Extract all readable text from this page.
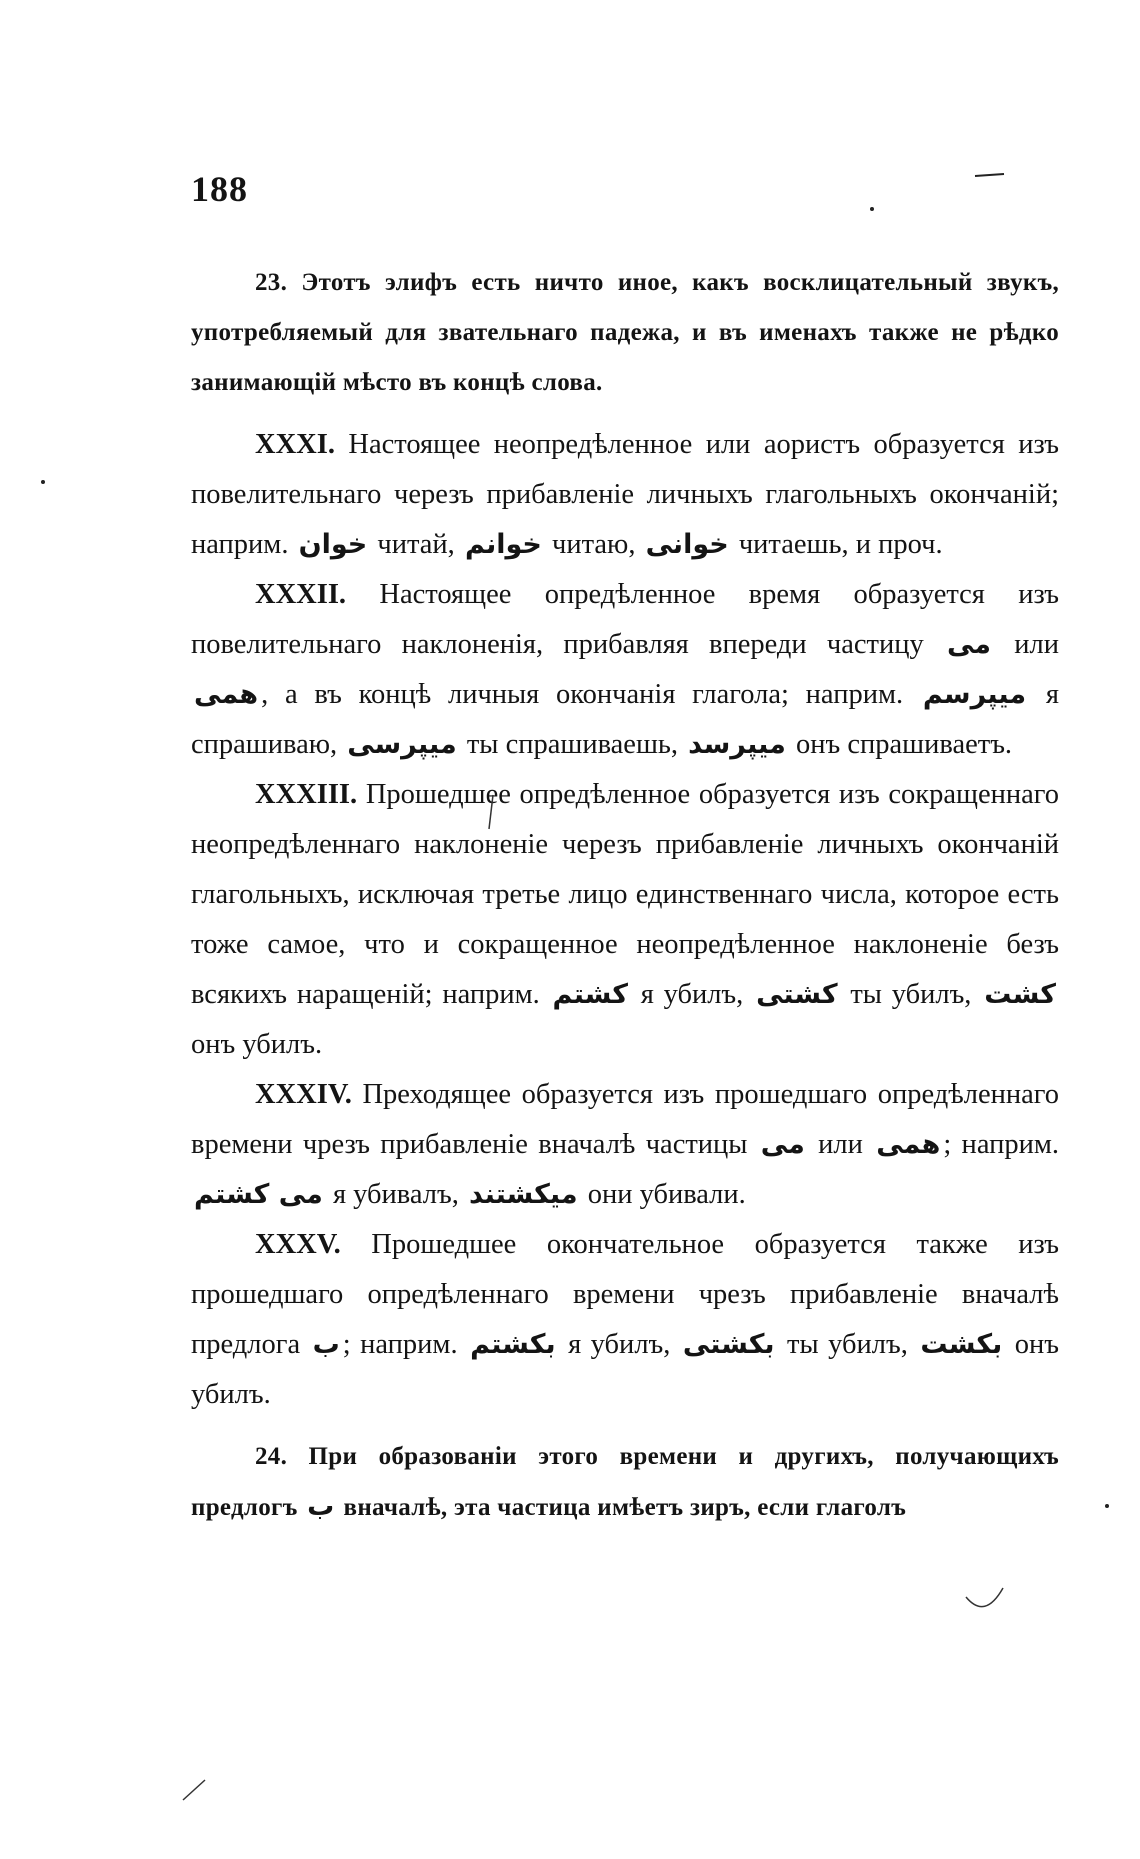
188

23. Этотъ элифъ есть ничто иное, какъ восклицательный звукъ, употребляемый для звательнаго падежа, и въ именахъ также не рѣдко занимающій мѣсто въ концѣ слова.

XXXI. Настоящее неопредѣленное или аористъ образуется изъ повелительнаго черезъ прибавленіе личныхъ глагольныхъ окончаній; наприм. خوان читай, خوانم читаю, خوانى читаешь, и проч.

XXXII. Настоящее опредѣленное время образуется изъ повелительнаго наклоненія, прибавляя впереди частицу مى или همى , а въ концѣ личныя окончанія глагола; наприм. ميپرسم я спрашиваю, ميپرسى ты спрашиваешь, ميپرسد онъ спрашиваетъ.

XXXIII. Прошедшее опредѣленное образуется изъ сокращеннаго неопредѣленнаго наклоненіе черезъ прибавленіе личныхъ окончаній глагольныхъ, исключая третье лицо единственнаго числа, которое есть тоже самое, что и сокращенное неопредѣленное наклоненіе безъ всякихъ наращеній; наприм. كشتم я убилъ, كشتى ты убилъ, كشت онъ убилъ.

XXXIV. Преходящее образуется изъ прошедшаго опредѣленнаго времени чрезъ прибавленіе вначалѣ частицы مى или همى ; наприм. مى كشتم я убивалъ, ميكشتند они убивали.

XXXV. Прошедшее окончательное образуется также изъ прошедшаго опредѣленнаго времени чрезъ прибавленіе вначалѣ предлога ب ; наприм. بكشتم я убилъ, بكشتى ты убилъ, بكشت онъ убилъ.

24. При образованіи этого времени и другихъ, получающихъ предлогъ ب вначалѣ, эта частица имѣетъ зиръ, если глаголъ
